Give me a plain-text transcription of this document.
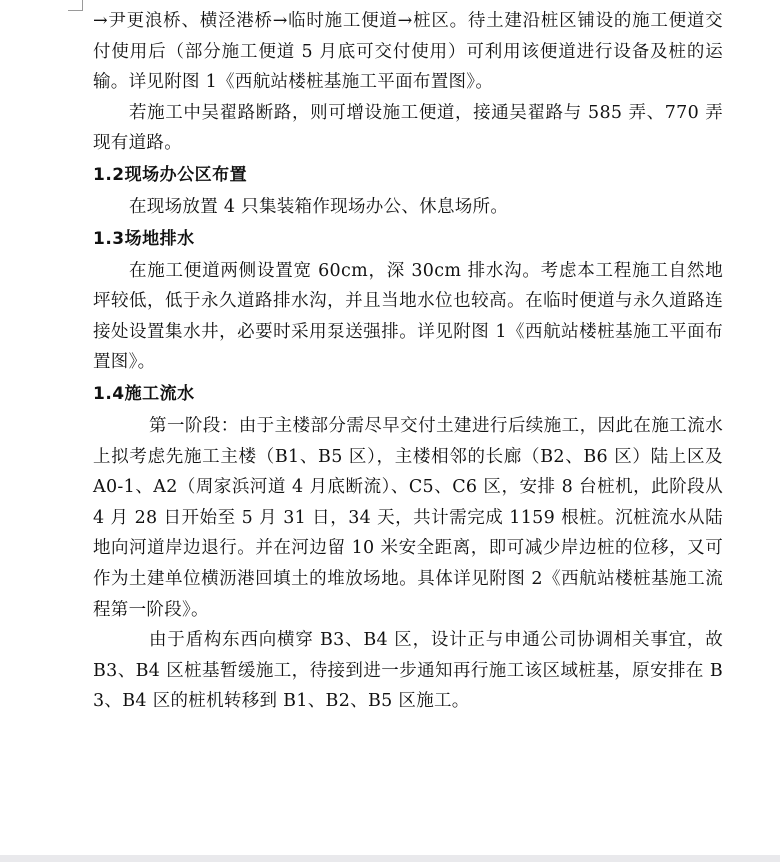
→尹更浪桥、横泾港桥→临时施工便道→桩区。待土建沿桩区铺设的施工便道交付使用后（部分施工便道 5 月底可交付使用）可利用该便道进行设备及桩的运输。详见附图 1《西航站楼桩基施工平面布置图》。

若施工中吴翟路断路，则可增设施工便道，接通吴翟路与 585 弄、770 弄现有道路。

1.2现场办公区布置

在现场放置 4 只集装箱作现场办公、休息场所。

1.3场地排水

在施工便道两侧设置宽 60cm，深 30cm 排水沟。考虑本工程施工自然地坪较低，低于永久道路排水沟，并且当地水位也较高。在临时便道与永久道路连接处设置集水井，必要时采用泵送强排。详见附图 1《西航站楼桩基施工平面布置图》。

1.4施工流水

第一阶段：由于主楼部分需尽早交付土建进行后续施工，因此在施工流水上拟考虑先施工主楼（B1、B5 区），主楼相邻的长廊（B2、B6 区）陆上区及 A0-1、A2（周家浜河道 4 月底断流）、C5、C6 区，安排 8 台桩机，此阶段从 4 月 28 日开始至 5 月 31 日，34 天，共计需完成 1159 根桩。沉桩流水从陆地向河道岸边退行。并在河边留 10 米安全距离，即可减少岸边桩的位移，又可作为土建单位横沥港回填土的堆放场地。具体详见附图 2《西航站楼桩基施工流程第一阶段》。

由于盾构东西向横穿 B3、B4 区，设计正与申通公司协调相关事宜，故 B3、B4 区桩基暂缓施工，待接到进一步通知再行施工该区域桩基，原安排在 B3、B4 区的桩机转移到 B1、B2、B5 区施工。
